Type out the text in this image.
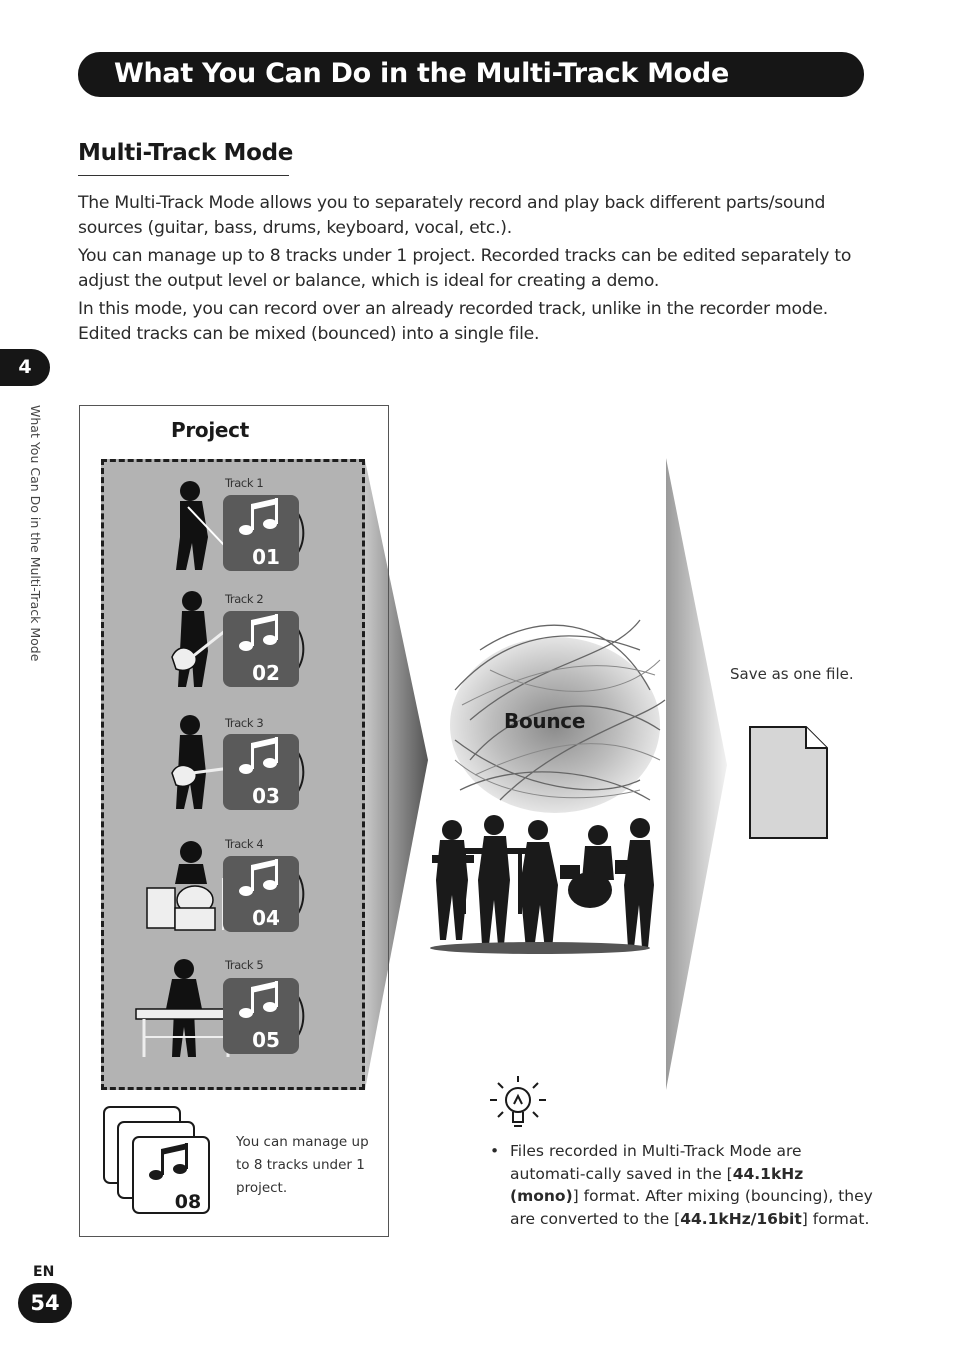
What You Can Do in the Multi-Track Mode
Multi-Track Mode

The Multi-Track Mode allows you to separately record and play back different parts/sound sources (guitar, bass, drums, keyboard, vocal, etc.).

You can manage up to 8 tracks under 1 project. Recorded tracks can be edited separately to adjust the output level or balance, which is ideal for creating a demo.

In this mode, you can record over an already recorded track, unlike in the recorder mode. Edited tracks can be mixed (bounced) into a single file.

4
What You Can Do in the Multi-Track Mode	Project
Track 1
01
Track 2
02
Track 3
03
Track 4
04
Track 5
05
08

You can manage up to 8 tracks under 1 project.

Bounce
Save as one file.
• Files recorded in Multi-Track Mode are automati-cally saved in the [44.1kHz (mono)] format. After mixing (bouncing), they are converted to the [44.1kHz/16bit] format.
EN
54
